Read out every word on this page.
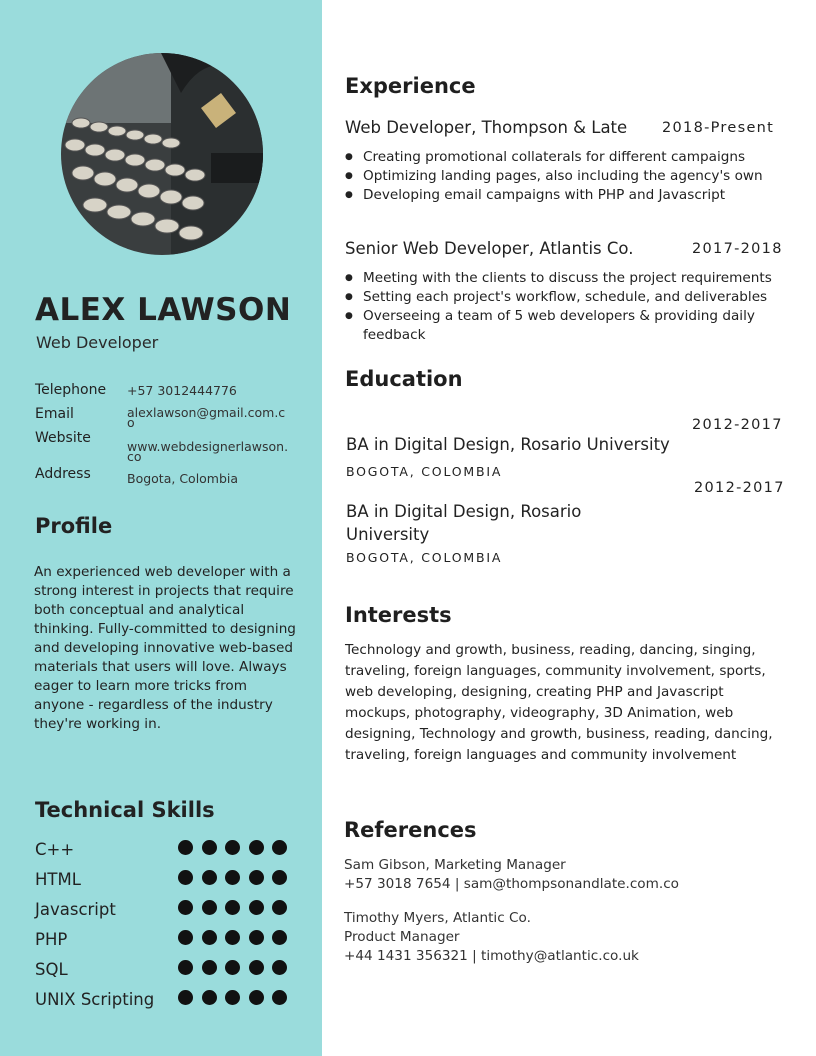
ALEX LAWSON
Web Developer
Telephone +57 3012444776
Email	alexlawson@gmail.com.co
Website
www.webdesignerlawson.co
Address	Bogota, Colombia
Profile

An experienced web developer with a strong interest in projects that require both conceptual and analytical thinking. Fully-committed to designing and developing innovative web-based materials that users will love. Always eager to learn more tricks from anyone - regardless of the industry they're working in.

Technical Skills
C++
HTML
Javascript
PHP
SQL
UNIX Scripting
Experience
Web Developer, Thompson & Late 2018-Present
● Creating promotional collaterals for different campaigns
● Optimizing landing pages, also including the agency's own
● Developing email campaigns with PHP and Javascript
Senior Web Developer, Atlantis Co.	2017-2018
● Meeting with the clients to discuss the project requirements
● Setting each project's workflow, schedule, and deliverables
● Overseeing a team of 5 web developers & providing daily feedback
Education
2012-2017
BA in Digital Design, Rosario University
BOGOTA, COLOMBIA
2012-2017
BA in Digital Design, Rosario University
BOGOTA, COLOMBIA
Interests

Technology and growth, business, reading, dancing, singing, traveling, foreign languages, community involvement, sports, web developing, designing, creating PHP and Javascript mockups, photography, videography, 3D Animation, web designing, Technology and growth, business, reading, dancing, traveling, foreign languages and community involvement

References
Sam Gibson, Marketing Manager
+57 3018 7654 | sam@thompsonandlate.com.co
Timothy Myers, Atlantic Co.
Product Manager
+44 1431 356321 | timothy@atlantic.co.uk
